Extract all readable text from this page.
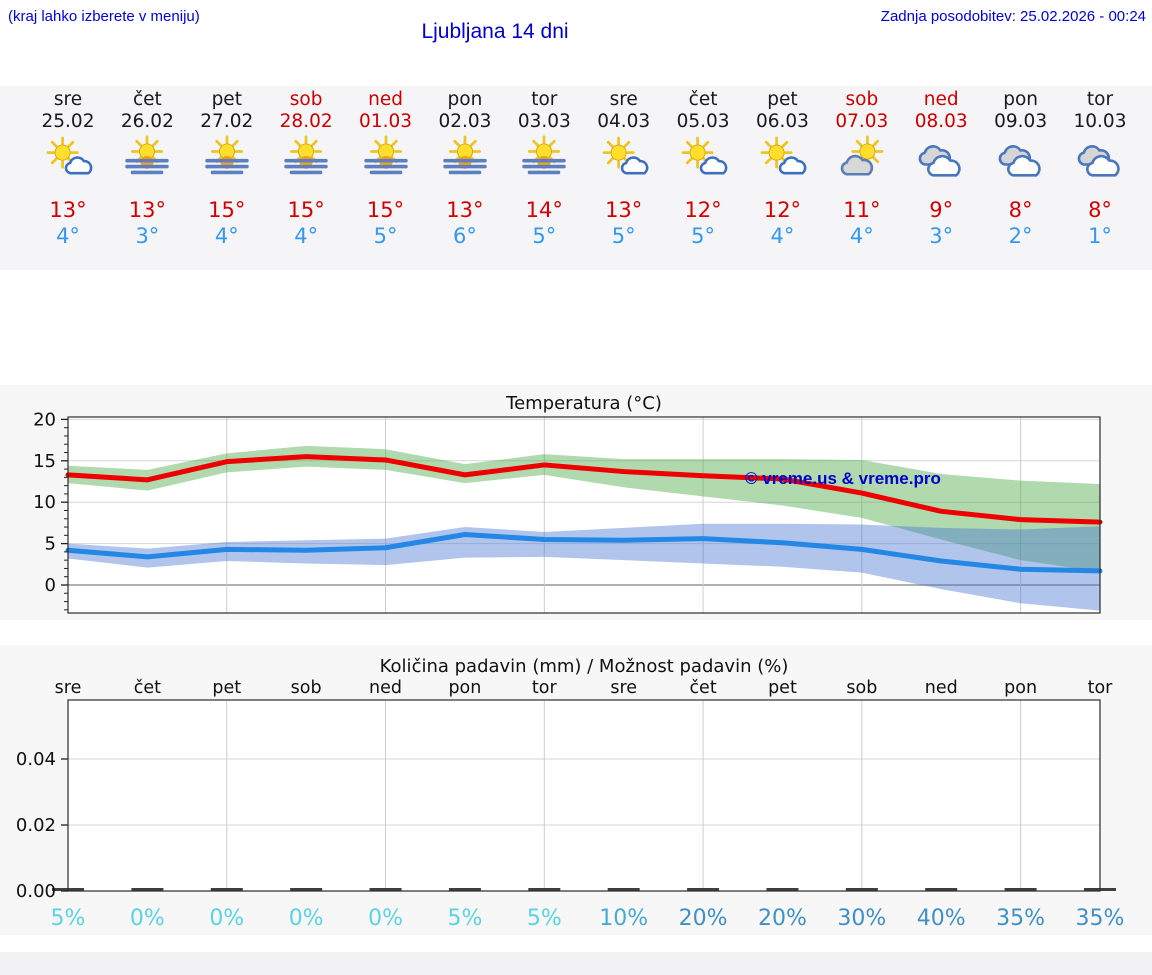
(kraj lahko izberete v meniju)
Ljubljana 14 dni
Zadnja posodobitev: 25.02.2026 - 00:24
sre
25.02
13°
4°
čet
26.02
13°
3°
pet
27.02
15°
4°
sob
28.02
15°
4°
ned
01.03
15°
5°
pon
02.03
13°
6°
tor
03.03
14°
5°
sre
04.03
13°
5°
čet
05.03
12°
5°
pet
06.03
12°
4°
sob
07.03
11°
4°
ned
08.03
9°
3°
pon
09.03
8°
2°
tor
10.03
8°
1°
© vreme.us & vreme.pro
0
5
10
15
20
Temperatura (°C)
0.00
0.02
0.04
sre	čet	pet	sob	ned	pon	tor	sre	čet	pet	sob	ned	pon	tor
5% 0% 0% 0% 0% 5% 5% 10% 20% 20% 30% 40% 35% 35%
Količina padavin (mm) / Možnost padavin (%)
